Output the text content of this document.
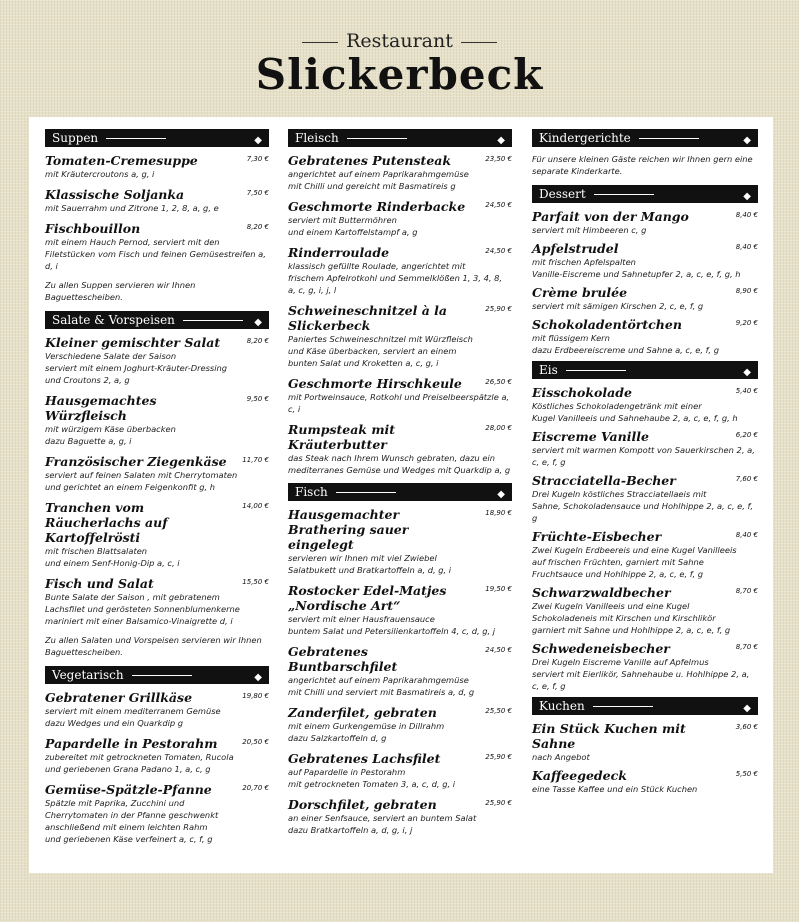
Restaurant
Slickerbeck
Suppen	◆
Tomaten-Cremesuppe	7,30 €
mit Kräutercroutons a, g, i
Klassische Soljanka	7,50 €
mit Sauerrahm und Zitrone 1, 2, 8, a, g, e
Fischbouillon	8,20 €
mit einem Hauch Pernod, serviert mit den
Filetstücken vom Fisch und feinen Gemüsestreifen a, d, i
Zu allen Suppen servieren wir Ihnen Baguettescheiben.
Salate & Vorspeisen	◆
Kleiner gemischter Salat	8,20 €
Verschiedene Salate der Saison
serviert mit einem Joghurt-Kräuter-Dressing
und Croutons 2, a, g
Hausgemachtes Würzfleisch
9,50 €
mit würzigem Käse überbacken
dazu Baguette a, g, i
Französischer Ziegenkäse	11,70 €
serviert auf feinen Salaten mit Cherrytomaten
und gerichtet an einem Feigenkonfit g, h
Tranchen vom Räucherlachs auf Kartoffelrösti
14,00 €
mit frischen Blattsalaten
und einem Senf-Honig-Dip a, c, i
Fisch und Salat	15,50 €
Bunte Salate der Saison , mit gebratenem
Lachsfilet und gerösteten Sonnenblumenkerne
mariniert mit einer Balsamico-Vinaigrette d, i
Zu allen Salaten und Vorspeisen servieren wir Ihnen Baguettescheiben.
Vegetarisch	◆
Gebratener Grillkäse	19,80 €
serviert mit einem mediterranem Gemüse
dazu Wedges und ein Quarkdip g
Papardelle in Pestorahm	20,50 €
zubereitet mit getrockneten Tomaten, Rucola
und geriebenen Grana Padano 1, a, c, g
Gemüse-Spätzle-Pfanne	20,70 €
Spätzle mit Paprika, Zucchini und
Cherrytomaten in der Pfanne geschwenkt
anschließend mit einem leichten Rahm
und geriebenen Käse verfeinert a, c, f, g
Fleisch	◆
Gebratenes Putensteak	23,50 €
angerichtet auf einem Paprikarahmgemüse
mit Chilli und gereicht mit Basmatireis g
Geschmorte Rinderbacke	24,50 €
serviert mit Buttermöhren
und einem Kartoffelstampf a, g
Rinderroulade	24,50 €
klassisch gefüllte Roulade, angerichtet mit
frischem Apfelrotkohl und Semmelklößen 1, 3, 4, 8, a, c, g, i, j, l
Schweineschnitzel à la Slickerbeck
25,90 €
Paniertes Schweineschnitzel mit Würzfleisch
und Käse überbacken, serviert an einem
bunten Salat und Kroketten a, c, g, i
Geschmorte Hirschkeule	26,50 €
mit Portweinsauce, Rotkohl und Preiselbeerspätzle a, c, i
Rumpsteak mit Kräuterbutter
28,00 €
das Steak nach Ihrem Wunsch gebraten, dazu ein
mediterranes Gemüse und Wedges mit Quarkdip a, g
Fisch	◆
Hausgemachter Brathering sauer eingelegt
18,90 €
servieren wir Ihnen mit viel Zwiebel
Salatbukett und Bratkartoffeln a, d, g, i
Rostocker Edel-Matjes „Nordische Art“
19,50 €
serviert mit einer Hausfrauensauce
buntem Salat und Petersilienkartoffeln 4, c, d, g, j
Gebratenes Buntbarschfilet
24,50 €
angerichtet auf einem Paprikarahmgemüse
mit Chilli und serviert mit Basmatireis a, d, g
Zanderfilet, gebraten	25,50 €
mit einem Gurkengemüse in Dillrahm
dazu Salzkartoffeln d, g
Gebratenes Lachsfilet	25,90 €
auf Papardelle in Pestorahm
mit getrockneten Tomaten 3, a, c, d, g, i
Dorschfilet, gebraten	25,90 €
an einer Senfsauce, serviert an buntem Salat
dazu Bratkartoffeln a, d, g, i, j
Kindergerichte	◆
Für unsere kleinen Gäste reichen wir Ihnen gern eine separate Kinderkarte.
Dessert	◆
Parfait von der Mango	8,40 €
serviert mit Himbeeren c, g
Apfelstrudel	8,40 €
mit frischen Apfelspalten
Vanille-Eiscreme und Sahnetupfer 2, a, c, e, f, g, h
Crème brulée	8,90 €
serviert mit sämigen Kirschen 2, c, e, f, g
Schokoladentörtchen	9,20 €
mit flüssigem Kern
dazu Erdbeereiscreme und Sahne a, c, e, f, g
Eis	◆
Eisschokolade	5,40 €
Köstliches Schokoladengetränk mit einer
Kugel Vanilleeis und Sahnehaube 2, a, c, e, f, g, h
Eiscreme Vanille	6,20 €
serviert mit warmen Kompott von Sauerkirschen 2, a, c, e, f, g
Stracciatella-Becher	7,60 €
Drei Kugeln köstliches Stracciatellaeis mit
Sahne, Schokoladensauce und Hohlhippe 2, a, c, e, f, g
Früchte-Eisbecher	8,40 €
Zwei Kugeln Erdbeereis und eine Kugel Vanilleeis
auf frischen Früchten, garniert mit Sahne
Fruchtsauce und Hohlhippe 2, a, c, e, f, g
Schwarzwaldbecher	8,70 €
Zwei Kugeln Vanilleeis und eine Kugel
Schokoladeneis mit Kirschen und Kirschlikör
garniert mit Sahne und Hohlhippe 2, a, c, e, f, g
Schwedeneisbecher	8,70 €
Drei Kugeln Eiscreme Vanille auf Apfelmus
serviert mit Eierlikör, Sahnehaube u. Hohlhippe 2, a, c, e, f, g
Kuchen	◆
Ein Stück Kuchen mit Sahne
3,60 €
nach Angebot
Kaffeegedeck	5,50 €
eine Tasse Kaffee und ein Stück Kuchen
